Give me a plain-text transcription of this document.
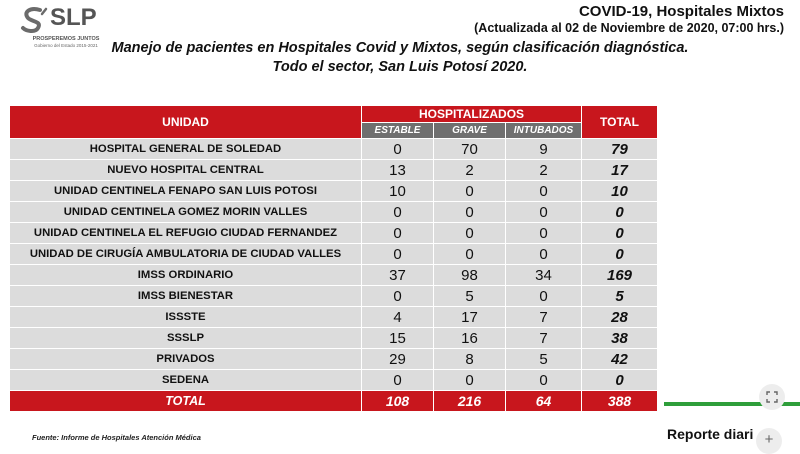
SLP
PROSPEREMOS JUNTOS
Gobierno del Estado 2015-2021
COVID-19, Hospitales Mixtos
(Actualizada al 02 de Noviembre de 2020, 07:00 hrs.)
Manejo de pacientes en Hospitales Covid y Mixtos, según clasificación diagnóstica.
Todo el sector, San Luis Potosí 2020.
UNIDAD	HOSPITALIZADOS			TOTAL
	ESTABLE	GRAVE	INTUBADOS	
HOSPITAL GENERAL DE SOLEDAD	0	70	9	79
NUEVO HOSPITAL CENTRAL	13	2	2	17
UNIDAD CENTINELA FENAPO SAN LUIS POTOSI	10	0	0	10
UNIDAD CENTINELA GOMEZ MORIN VALLES	0	0	0	0
UNIDAD CENTINELA EL REFUGIO CIUDAD FERNANDEZ	0	0	0	0
UNIDAD DE CIRUGÍA AMBULATORIA DE CIUDAD VALLES	0	0	0	0
IMSS ORDINARIO	37	98	34	169
IMSS BIENESTAR	0	5	0	5
ISSSTE	4	17	7	28
SSSLP	15	16	7	38
PRIVADOS	29	8	5	42
SEDENA	0	0	0	0
TOTAL	108	216	64	388
Fuente: Informe de Hospitales Atención Médica	Reporte diari +
